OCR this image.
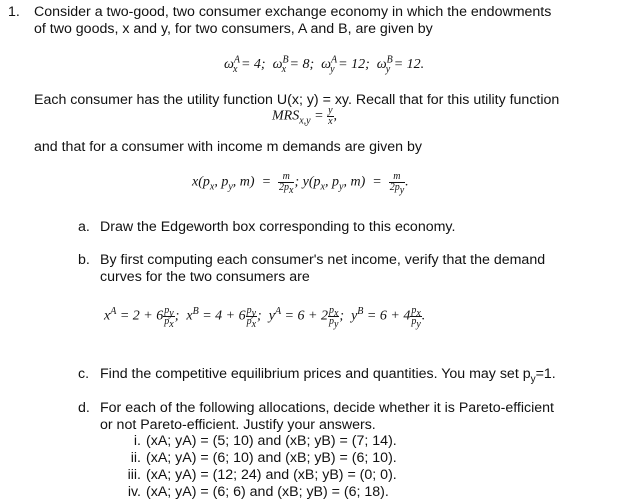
1. Consider a two-good, two consumer exchange economy in which the endowments
of two goods, x and y, for two consumers, A and B, are given by
$\omega^A_x = 4$;  $\omega^B_x = 8$;  $\omega^A_y = 12$;  $\omega^B_y = 12$.
Each consumer has the utility function U(x; y) = xy. Recall that for this utility function
$MRS_{x,y} = \frac{y}{x}$ ,
and that for a consumer with income m demands are given by
$x(p_x$, $p_y$, $m) = \frac{m}{2p_x}$ ; $y(p_x$, $p_y$, $m) = \frac{m}{2p_y}$ .
a. Draw the Edgeworth box corresponding to this economy.
b. By first computing each consumer's net income, verify that the demand
curves for the two consumers are
$x^A = 2 + 6 \frac{p_y}{p_x}$ ;  $x^B = 4 + 6 \frac{p_y}{p_x}$ ;  $y^A = 6 + 2 \frac{p_x}{p_y}$ ;  $y^B = 6 + 4 \frac{p_x}{p_y}$ .
c. Find the competitive equilibrium prices and quantities. You may set $p_y=1$.
d. For each of the following allocations, decide whether it is Pareto-efficient
or not Pareto-efficient. Justify your answers.
i. (xA; yA) = (5; 10) and (xB; yB) = (7; 14).
ii. (xA; yA) = (6; 10) and (xB; yB) = (6; 10).
iii. (xA; yA) = (12; 24) and (xB; yB) = (0; 0).
iv. (xA; yA) = (6; 6) and (xB; yB) = (6; 18).
